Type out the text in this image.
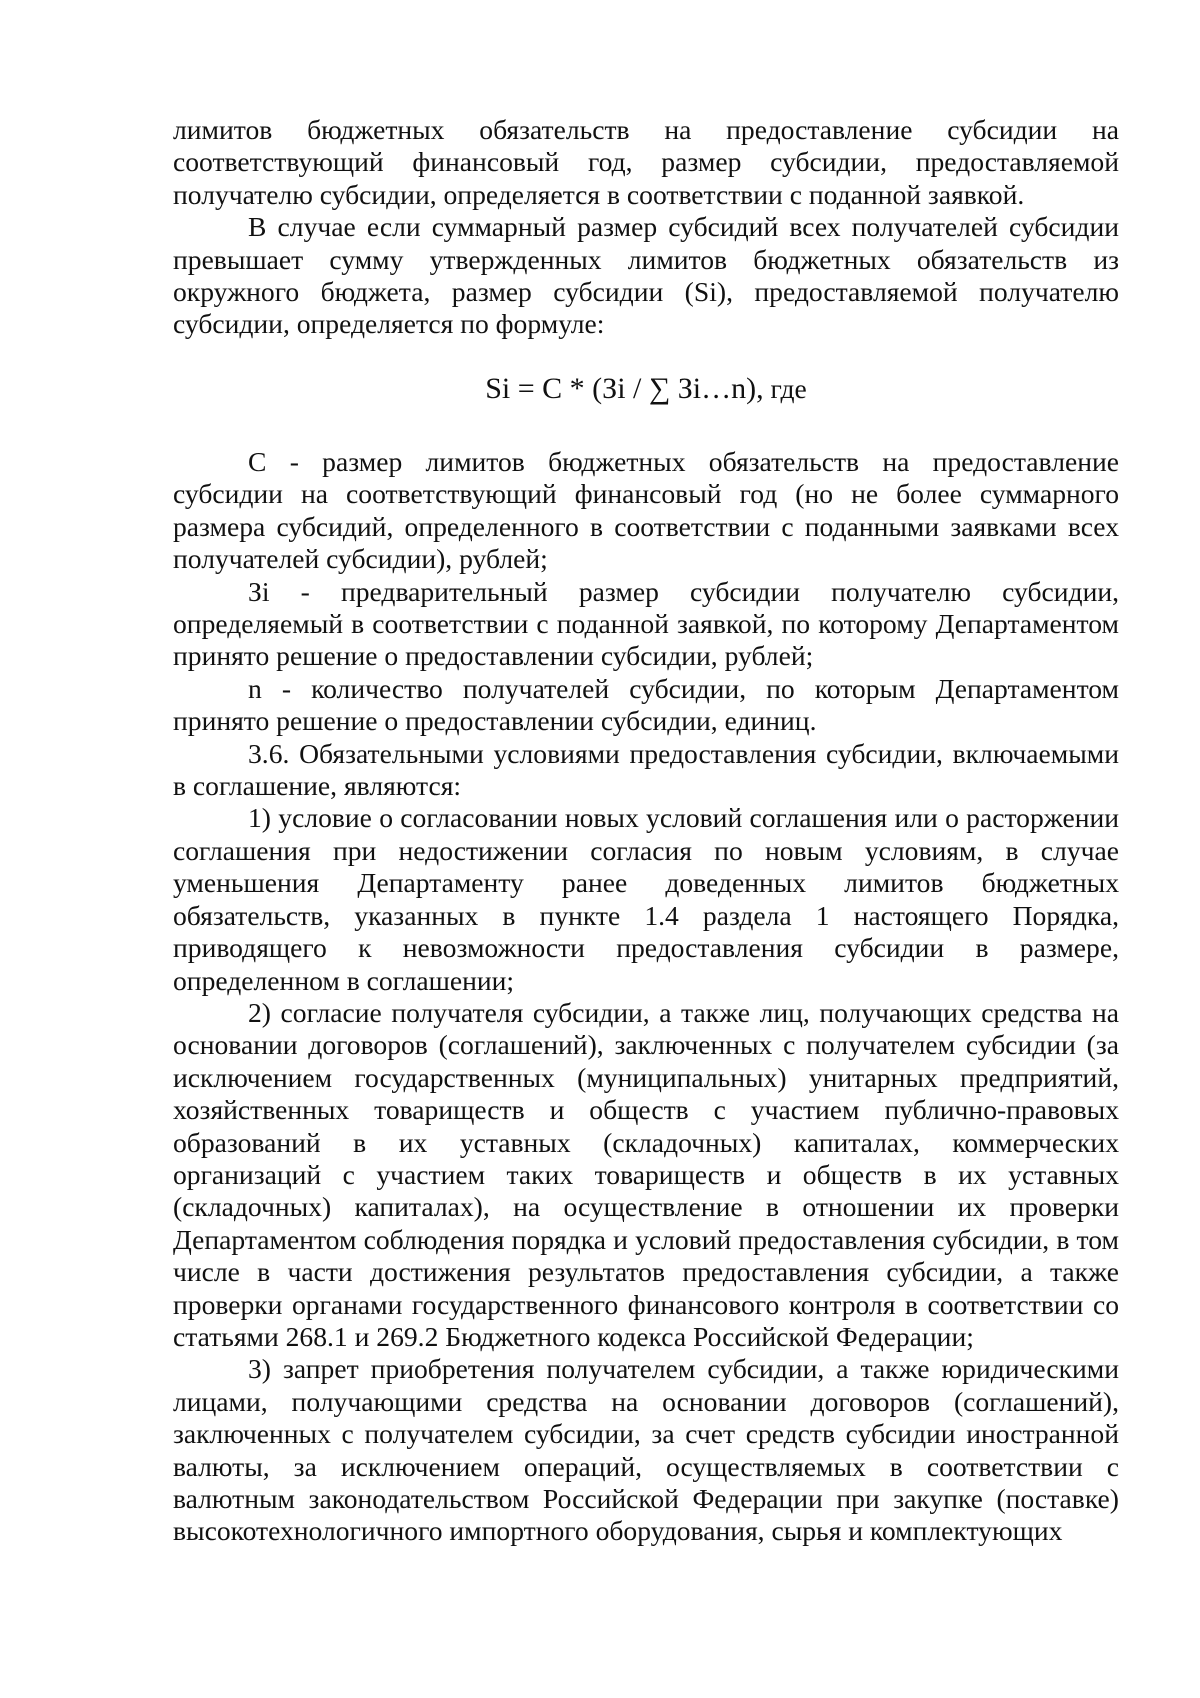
лимитов бюджетных обязательств на предоставление субсидии на соответствующий финансовый год, размер субсидии, предоставляемой получателю субсидии, определяется в соответствии с поданной заявкой.

В случае если суммарный размер субсидий всех получателей субсидии превышает сумму утвержденных лимитов бюджетных обязательств из окружного бюджета, размер субсидии (Si), предоставляемой получателю субсидии, определяется по формуле:

Si = C * (Зi / ∑ Зi…n), где

C - размер лимитов бюджетных обязательств на предоставление субсидии на соответствующий финансовый год (но не более суммарного размера субсидий, определенного в соответствии с поданными заявками всех получателей субсидии), рублей;

Зi - предварительный размер субсидии получателю субсидии, определяемый в соответствии с поданной заявкой, по которому Департаментом принято решение о предоставлении субсидии, рублей;

n - количество получателей субсидии, по которым Департаментом принято решение о предоставлении субсидии, единиц.

3.6. Обязательными условиями предоставления субсидии, включаемыми в соглашение, являются:

1) условие о согласовании новых условий соглашения или о расторжении соглашения при недостижении согласия по новым условиям, в случае уменьшения Департаменту ранее доведенных лимитов бюджетных обязательств, указанных в пункте 1.4 раздела 1 настоящего Порядка, приводящего к невозможности предоставления субсидии в размере, определенном в соглашении;

2) согласие получателя субсидии, а также лиц, получающих средства на основании договоров (соглашений), заключенных с получателем субсидии (за исключением государственных (муниципальных) унитарных предприятий, хозяйственных товариществ и обществ с участием публично-правовых образований в их уставных (складочных) капиталах, коммерческих организаций с участием таких товариществ и обществ в их уставных (складочных) капиталах), на осуществление в отношении их проверки Департаментом соблюдения порядка и условий предоставления субсидии, в том числе в части достижения результатов предоставления субсидии, а также проверки органами государственного финансового контроля в соответствии со статьями 268.1 и 269.2 Бюджетного кодекса Российской Федерации;

3) запрет приобретения получателем субсидии, а также юридическими лицами, получающими средства на основании договоров (соглашений), заключенных с получателем субсидии, за счет средств субсидии иностранной валюты, за исключением операций, осуществляемых в соответствии с валютным законодательством Российской Федерации при закупке (поставке) высокотехнологичного импортного оборудования, сырья и комплектующих
